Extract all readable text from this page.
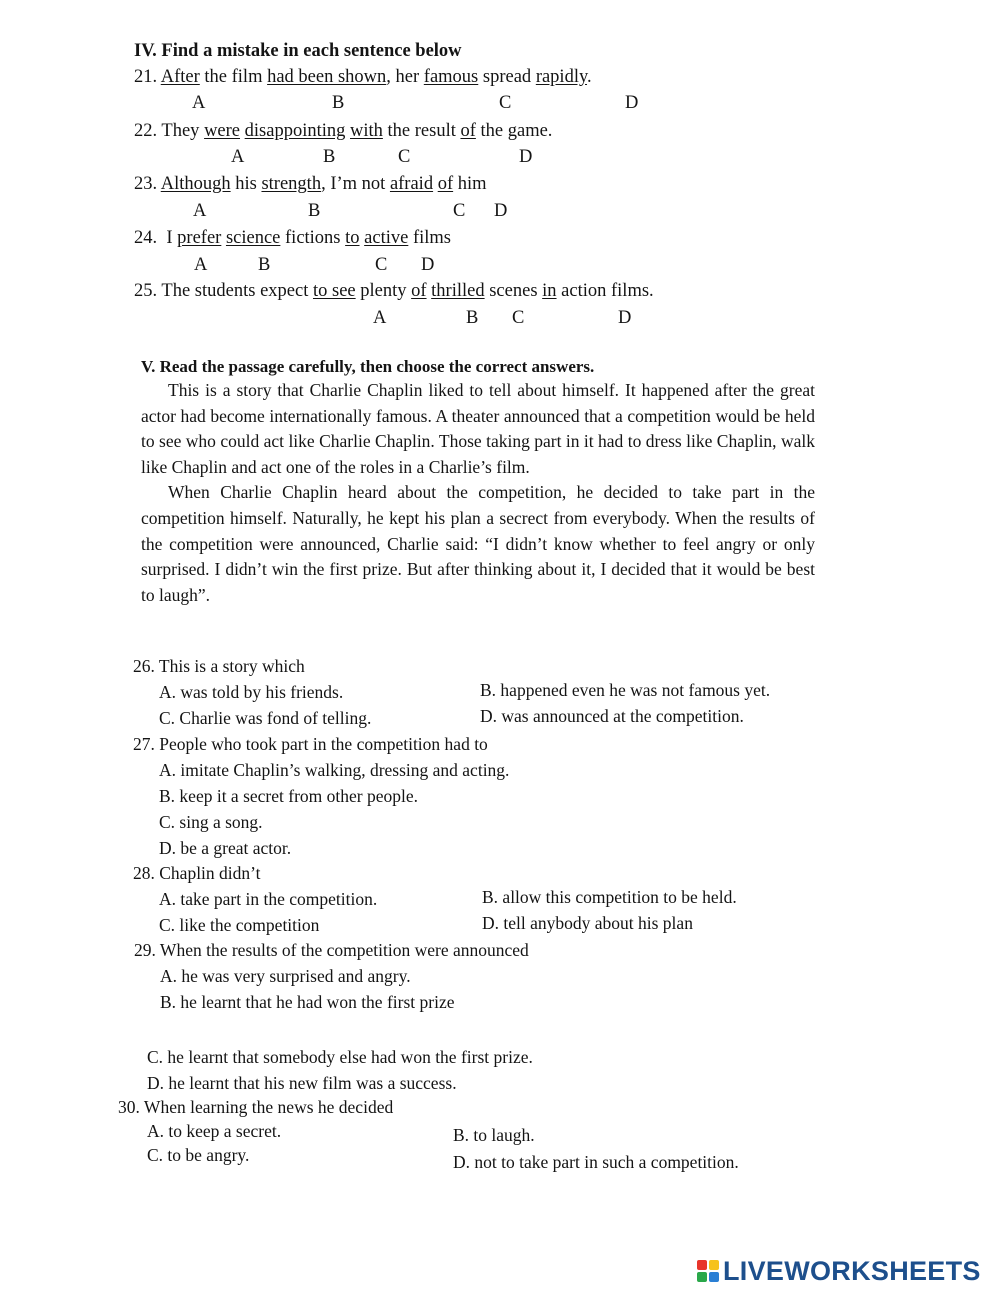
IV. Find a mistake in each sentence below
21. After the film had been shown, her famous spread rapidly.
A	B	C	D
22. They were disappointing with the result of the game.
A	B	C	D
23. Although his strength, I’m not afraid of him
A	B	C D
24. I prefer science fictions to active films
A	B	C D
25. The students expect to see plenty of thrilled scenes in action films.
A	B C	D
V. Read the passage carefully, then choose the correct answers.

This is a story that Charlie Chaplin liked to tell about himself. It happened after the great actor had become internationally famous. A theater announced that a competition would be held to see who could act like Charlie Chaplin. Those taking part in it had to dress like Chaplin, walk like Chaplin and act one of the roles in a Charlie’s film.

When Charlie Chaplin heard about the competition, he decided to take part in the competition himself. Naturally, he kept his plan a secrect from everybody. When the results of the competition were announced, Charlie said: “I didn’t know whether to feel angry or only surprised. I didn’t win the first prize. But after thinking about it, I decided that it would be best to laugh”.

26. This is a story which
A. was told by his friends.	B. happened even he was not famous yet.
C. Charlie was fond of telling.	D. was announced at the competition.
27. People who took part in the competition had to
A. imitate Chaplin’s walking, dressing and acting.
B. keep it a secret from other people.
C. sing a song.
D. be a great actor.
28. Chaplin didn’t
A. take part in the competition.	B. allow this competition to be held.
C. like the competition	D. tell anybody about his plan
29. When the results of the competition were announced
A. he was very surprised and angry.
B. he learnt that he had won the first prize
C. he learnt that somebody else had won the first prize.
D. he learnt that his new film was a success.
30. When learning the news he decided
A. to keep a secret.	B. to laugh.
C. to be angry.	D. not to take part in such a competition.
LIVEWORKSHEETS
